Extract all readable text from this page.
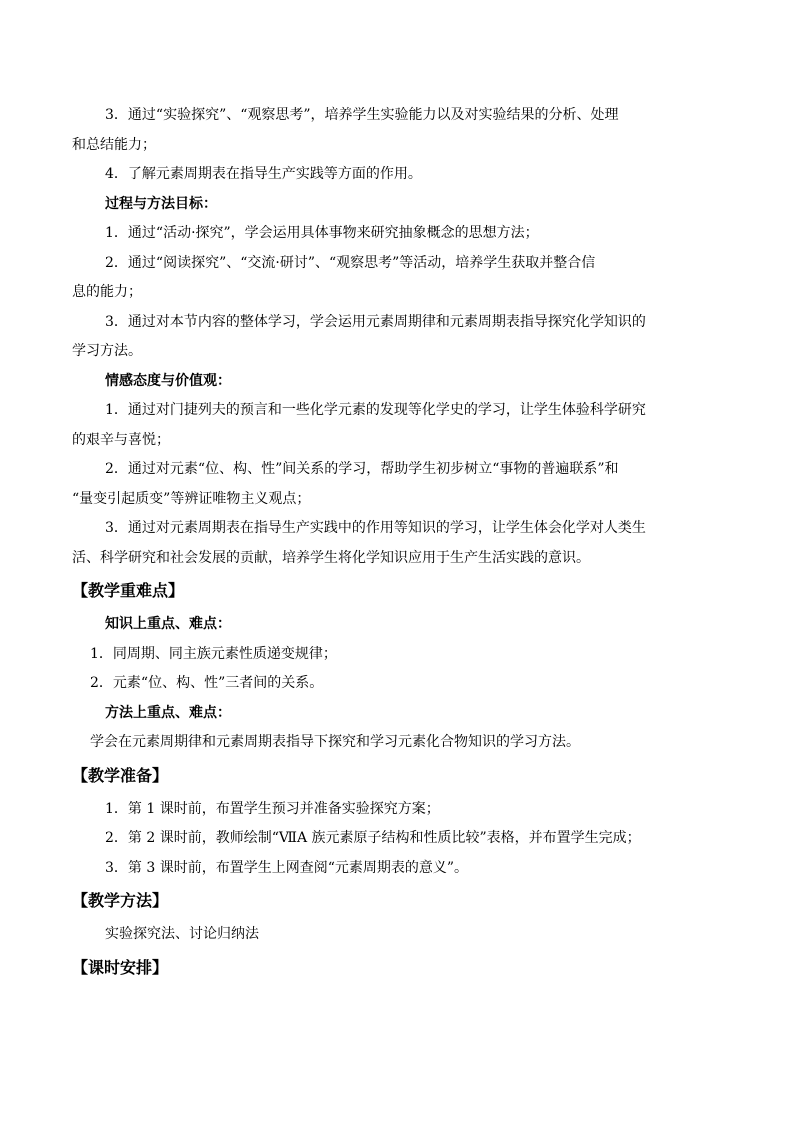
3．通过“实验探究”、“观察思考”，培养学生实验能力以及对实验结果的分析、处理
和总结能力；
4．了解元素周期表在指导生产实践等方面的作用。
过程与方法目标：
1．通过“活动·探究”，学会运用具体事物来研究抽象概念的思想方法；
2．通过“阅读探究”、“交流·研讨”、“观察思考”等活动，培养学生获取并整合信
息的能力；
3．通过对本节内容的整体学习，学会运用元素周期律和元素周期表指导探究化学知识的
学习方法。
情感态度与价值观：
1．通过对门捷列夫的预言和一些化学元素的发现等化学史的学习，让学生体验科学研究
的艰辛与喜悦；
2．通过对元素“位、构、性”间关系的学习，帮助学生初步树立“事物的普遍联系”和
“量变引起质变”等辨证唯物主义观点；
3．通过对元素周期表在指导生产实践中的作用等知识的学习，让学生体会化学对人类生
活、科学研究和社会发展的贡献，培养学生将化学知识应用于生产生活实践的意识。
【教学重难点】
知识上重点、难点：
1．同周期、同主族元素性质递变规律；
2．元素“位、构、性”三者间的关系。
方法上重点、难点：
学会在元素周期律和元素周期表指导下探究和学习元素化合物知识的学习方法。
【教学准备】
1．第 1 课时前，布置学生预习并准备实验探究方案；
2．第 2 课时前，教师绘制“ⅦA 族元素原子结构和性质比较”表格，并布置学生完成；
3．第 3 课时前，布置学生上网查阅“元素周期表的意义”。
【教学方法】
实验探究法、讨论归纳法
【课时安排】
